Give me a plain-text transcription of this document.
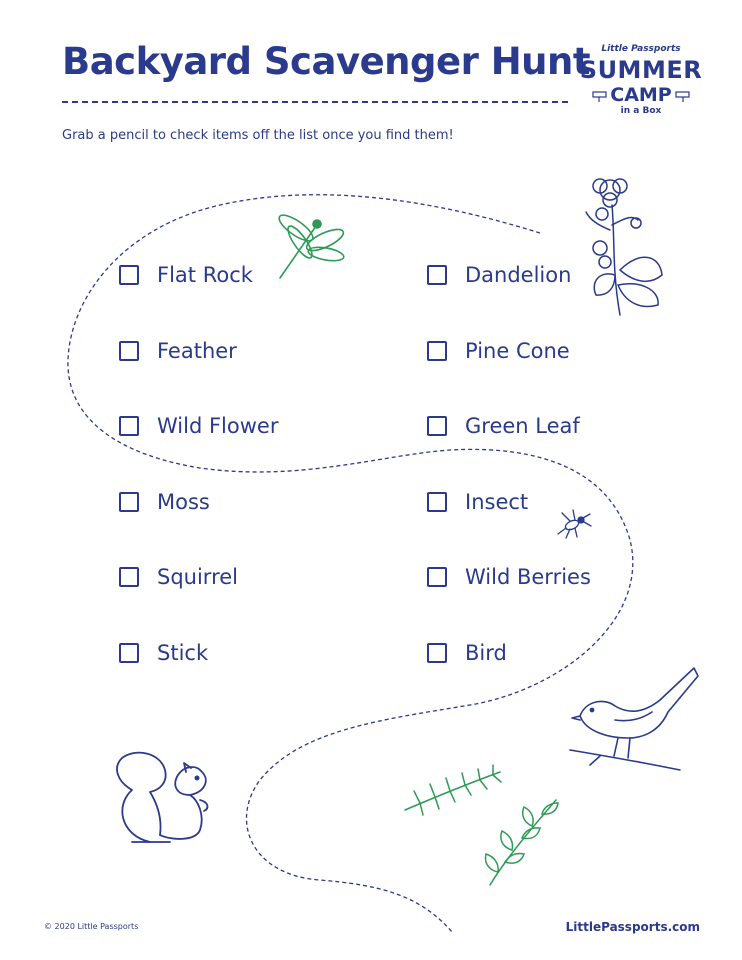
Backyard Scavenger Hunt
Grab a pencil to check items off the list once you find them!
Little Passports
SUMMER
CAMP
in a Box
Flat Rock
Feather
Wild Flower
Moss
Squirrel
Stick
Dandelion
Pine Cone
Green Leaf
Insect
Wild Berries
Bird
© 2020 Little Passports	LittlePassports.com
